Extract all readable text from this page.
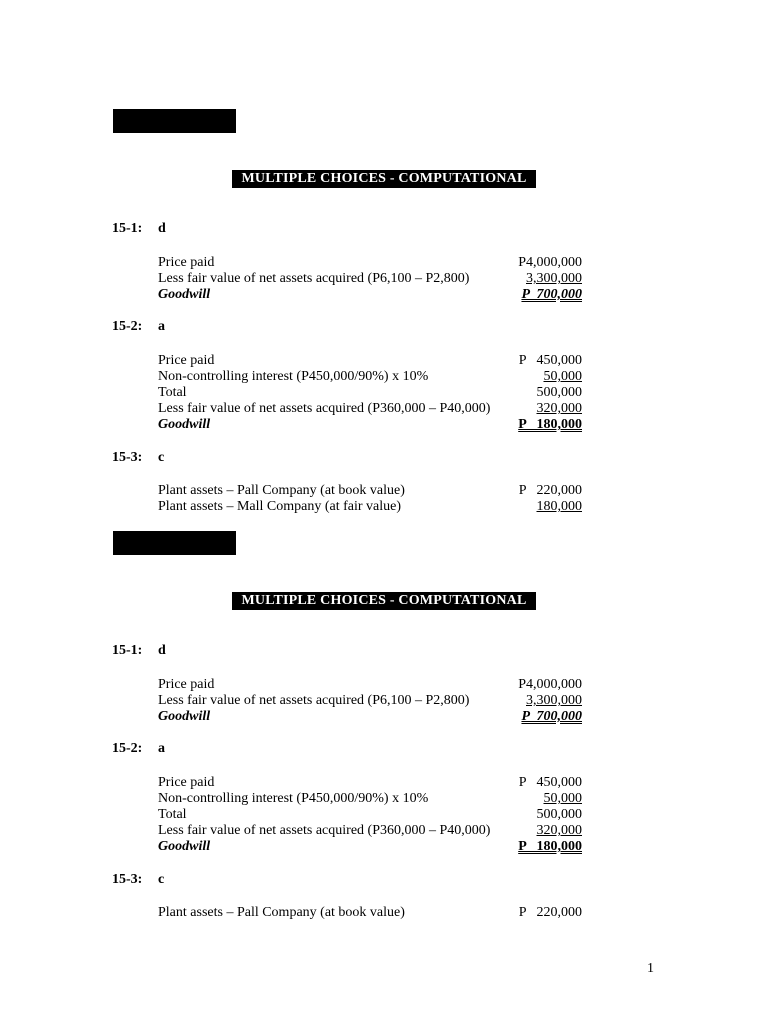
MULTIPLE CHOICES - COMPUTATIONAL
15-1: d
Price paid	P4,000,000
Less fair value of net assets acquired (P6,100 – P2,800)	3,300,000
Goodwill	P  700,000
15-2: a
Price paid	P   450,000
Non-controlling interest (P450,000/90%) x 10%	50,000
Total	500,000
Less fair value of net assets acquired (P360,000 – P40,000)	320,000
Goodwill	P   180,000
15-3: c
Plant assets – Pall Company (at book value)	P   220,000
Plant assets – Mall Company (at fair value)	180,000
MULTIPLE CHOICES - COMPUTATIONAL
15-1: d
Price paid	P4,000,000
Less fair value of net assets acquired (P6,100 – P2,800)	3,300,000
Goodwill	P  700,000
15-2: a
Price paid	P   450,000
Non-controlling interest (P450,000/90%) x 10%	50,000
Total	500,000
Less fair value of net assets acquired (P360,000 – P40,000)	320,000
Goodwill	P   180,000
15-3: c
Plant assets – Pall Company (at book value)	P   220,000
1
